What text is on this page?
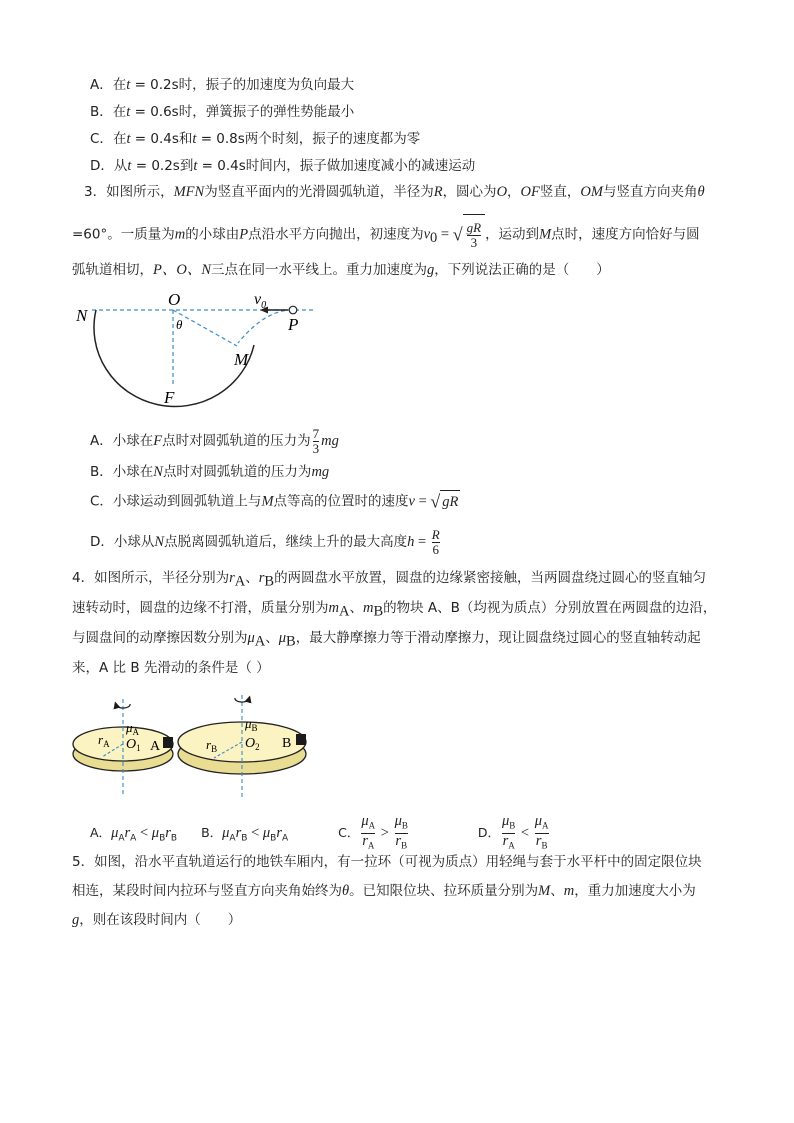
A．在t = 0.2s时，振子的加速度为负向最大
B．在t = 0.6s时，弹簧振子的弹性势能最小
C．在t = 0.4s和t = 0.8s两个时刻，振子的速度都为零
D．从t = 0.2s到t = 0.4s时间内，振子做加速度减小的减速运动
3．如图所示，MFN为竖直平面内的光滑圆弧轨道，半径为R，圆心为O，OF竖直，OM与竖直方向夹角θ
=60°。一质量为m的小球由P点沿水平方向抛出，初速度为$v_0$ = √ $\frac{gR}{3}$ ，运动到M点时，速度方向恰好与圆
弧轨道相切，P、O、N三点在同一水平线上。重力加速度为g，下列说法正确的是（　　）
N
O
θ
$v_0$
P
M
F
A．小球在F点时对圆弧轨道的压力为 $\frac{7}{3}$ mg
B．小球在N点时对圆弧轨道的压力为mg
C．小球运动到圆弧轨道上与M点等高的位置时的速度v = √ gR
D．小球从N点脱离圆弧轨道后，继续上升的最大高度$h = \frac{R}{6}$
4．如图所示，半径分别为$r_A$、$r_B$的两圆盘水平放置，圆盘的边缘紧密接触，当两圆盘绕过圆心的竖直轴匀
速转动时，圆盘的边缘不打滑，质量分别为$m_A$、$m_B$的物块 A、B（均视为质点）分别放置在两圆盘的边沿，
与圆盘间的动摩擦因数分别为$\mu_A$、$\mu_B$，最大静摩擦力等于滑动摩擦力，现让圆盘绕过圆心的竖直轴转动起
来，A 比 B 先滑动的条件是（ ）
$\mu_A$
$O_1$
$r_A$	A
$\mu_B$
$O_2$
$r_B$	B
A．$\mu_Ar_A < \mu_Br_B$ B．$\mu_Ar_B < \mu_Br_A$	C． $\frac{\mu_A}{r_A} > \frac{\mu_B}{r_B}$	D． $\frac{\mu_B}{r_A} < \frac{\mu_A}{r_B}$
5．如图，沿水平直轨道运行的地铁车厢内，有一拉环（可视为质点）用轻绳与套于水平杆中的固定限位块
相连，某段时间内拉环与竖直方向夹角始终为θ。已知限位块、拉环质量分别为M、m，重力加速度大小为
g，则在该段时间内（　　）
